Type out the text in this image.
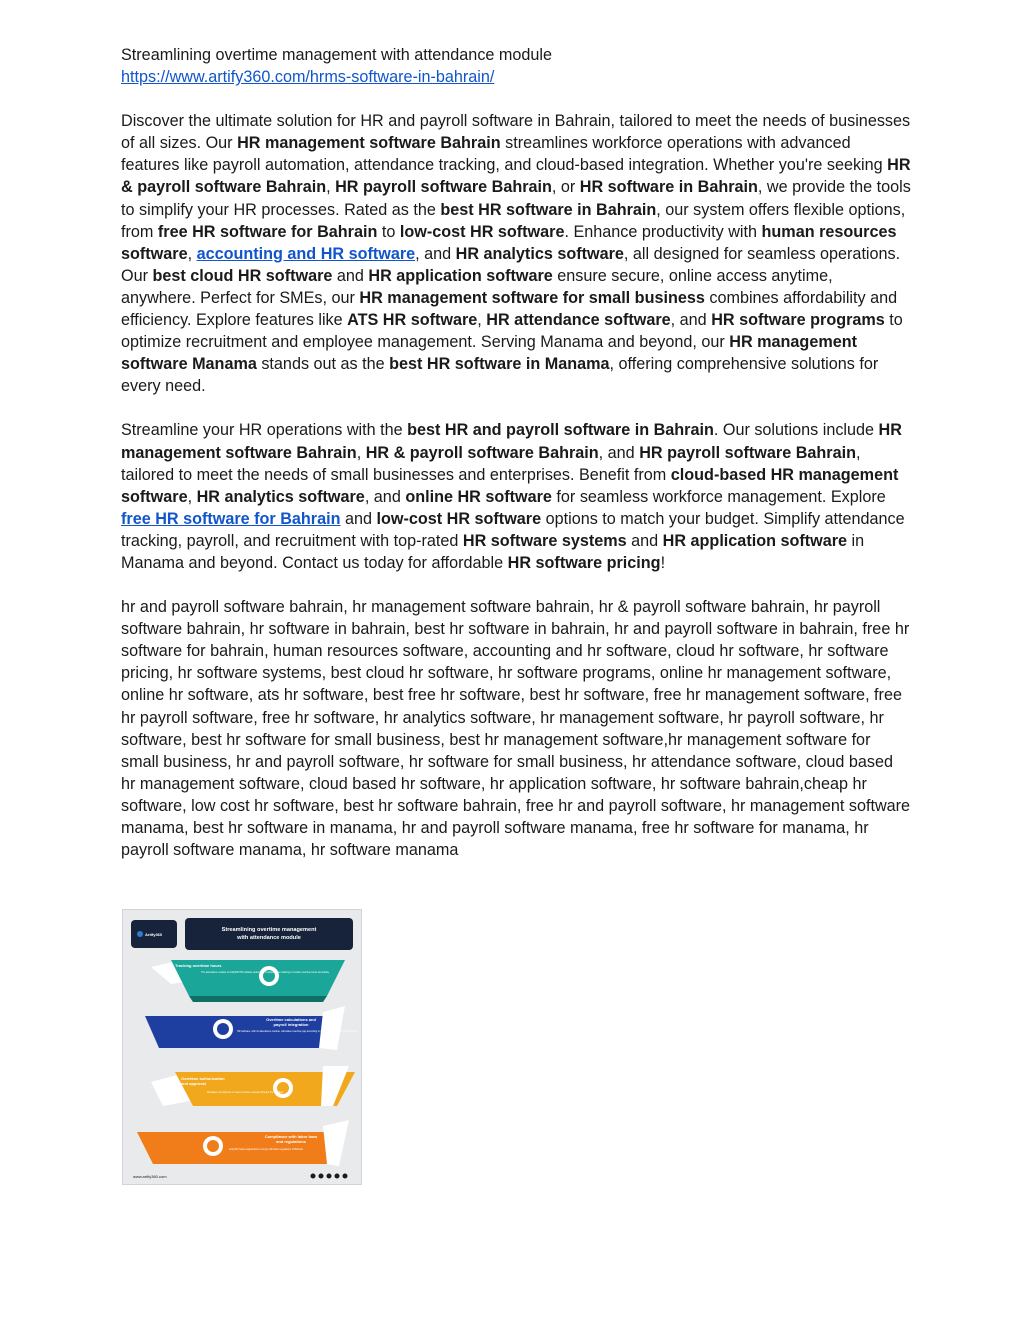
Streamlining overtime management with attendance module

https://www.artify360.com/hrms-software-in-bahrain/

Discover the ultimate solution for HR and payroll software in Bahrain, tailored to meet the needs of businesses of all sizes. Our HR management software Bahrain streamlines workforce operations with advanced features like payroll automation, attendance tracking, and cloud-based integration. Whether you're seeking HR & payroll software Bahrain, HR payroll software Bahrain, or HR software in Bahrain, we provide the tools to simplify your HR processes. Rated as the best HR software in Bahrain, our system offers flexible options, from free HR software for Bahrain to low-cost HR software. Enhance productivity with human resources software, accounting and HR software, and HR analytics software, all designed for seamless operations. Our best cloud HR software and HR application software ensure secure, online access anytime, anywhere. Perfect for SMEs, our HR management software for small business combines affordability and efficiency. Explore features like ATS HR software, HR attendance software, and HR software programs to optimize recruitment and employee management. Serving Manama and beyond, our HR management software Manama stands out as the best HR software in Manama, offering comprehensive solutions for every need.

Streamline your HR operations with the best HR and payroll software in Bahrain. Our solutions include HR management software Bahrain, HR & payroll software Bahrain, and HR payroll software Bahrain, tailored to meet the needs of small businesses and enterprises. Benefit from cloud-based HR management software, HR analytics software, and online HR software for seamless workforce management. Explore free HR software for Bahrain and low-cost HR software options to match your budget. Simplify attendance tracking, payroll, and recruitment with top-rated HR software systems and HR application software in Manama and beyond. Contact us today for affordable HR software pricing!

hr and payroll software bahrain, hr management software bahrain, hr & payroll software bahrain, hr payroll software bahrain, hr software in bahrain, best hr software in bahrain, hr and payroll software in bahrain, free hr software for bahrain, human resources software, accounting and hr software, cloud hr software, hr software pricing, hr software systems, best cloud hr software, hr software programs, online hr management software, online hr software, ats hr software, best free hr software, best hr software, free hr management software, free hr payroll software, free hr software, hr analytics software, hr management software, hr payroll software, hr software, best hr software for small business, best hr management software,hr management software for small business, hr and payroll software, hr software for small business, hr attendance software, cloud based hr management software, cloud based hr software, hr application software, hr software bahrain,cheap hr software, low cost hr software, best hr software bahrain, free hr and payroll software, hr management software manama, best hr software in manama, hr and payroll software manama, free hr software for manama, hr payroll software manama, hr software manama

Artify360
Streamlining overtime management
with attendance module
Tracking overtime hours
The attendance module of Artify360 HR software automates employee time tracking to monitor overtime hours accurately.
Overtime calculations and
payroll integration
HR software, with its attendance module, calculates overtime pay according to company policies and payroll rules.
Overtime authorization
and approval
Managers can approve or reject overtime requests through the workflow.
Compliance with labor laws
and regulations
Artify360 helps organizations comply with labor regulations of Bahrain.
www.artify360.com
